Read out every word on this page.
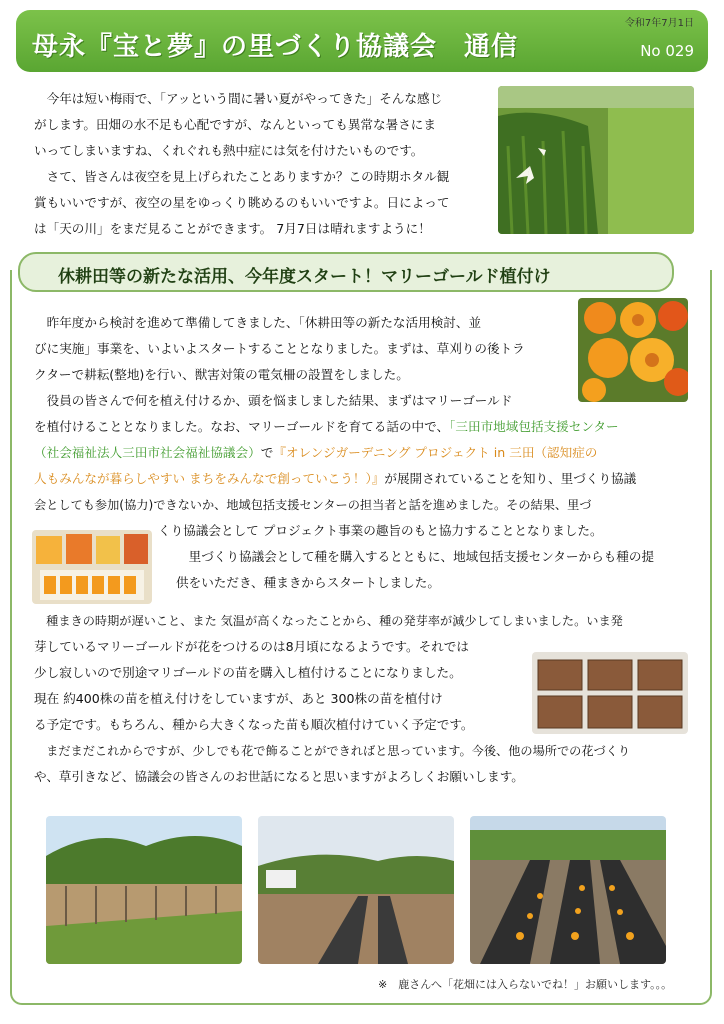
母永『宝と夢』の里づくり協議会　通信
令和7年7月1日
No 029
　今年は短い梅雨で、「アッという間に暑い夏がやってきた」そんな感じ
がします。田畑の水不足も心配ですが、なんといっても異常な暑さにま
いってしまいますね、くれぐれも熱中症には気を付けたいものです。
　さて、皆さんは夜空を見上げられたことありますか？この時期ホタル観
賞もいいですが、夜空の星をゆっくり眺めるのもいいですよ。日によって
は「天の川」をまだ見ることができます。 7月7日は晴れますように！
休耕田等の新たな活用、今年度スタート！マリーゴールド植付け
　昨年度から検討を進めて準備してきました、「休耕田等の新たな活用検討、並
びに実施」事業を、いよいよスタートすることとなりました。まずは、草刈りの後トラ
クターで耕耘(整地)を行い、獣害対策の電気柵の設置をしました。
　役員の皆さんで何を植え付けるか、頭を悩ましました結果、まずはマリーゴールド
を植付けることとなりました。なお、マリーゴールドを育てる話の中で、「三田市地域包括支援センター
（社会福祉法人三田市社会福祉協議会）で『オレンジガーデニング プロジェクト in 三田（認知症の
人もみんなが暮らしやすい まちをみんなで創っていこう！）』が展開されていることを知り、里づくり協議
会としても参加(協力)できないか、地域包括支援センターの担当者と話を進めました。その結果、里づ
くり協議会として プロジェクト事業の趣旨のもと協力することとなりました。
　里づくり協議会として種を購入するとともに、地域包括支援センターからも種の提
供をいただき、種まきからスタートしました。
　種まきの時期が遅いこと、また 気温が高くなったことから、種の発芽率が減少してしまいました。いま発
芽しているマリーゴールドが花をつけるのは8月頃になるようです。それでは
少し寂しいので別途マリゴールドの苗を購入し植付けることになりました。
現在 約400株の苗を植え付けをしていますが、あと 300株の苗を植付け
る予定です。もちろん、種から大きくなった苗も順次植付けていく予定です。
　まだまだこれからですが、少しでも花で飾ることができればと思っています。今後、他の場所での花づくり
や、草引きなど、協議会の皆さんのお世話になると思いますがよろしくお願いします。
※　鹿さんへ「花畑には入らないでね！」お願いします。。。
